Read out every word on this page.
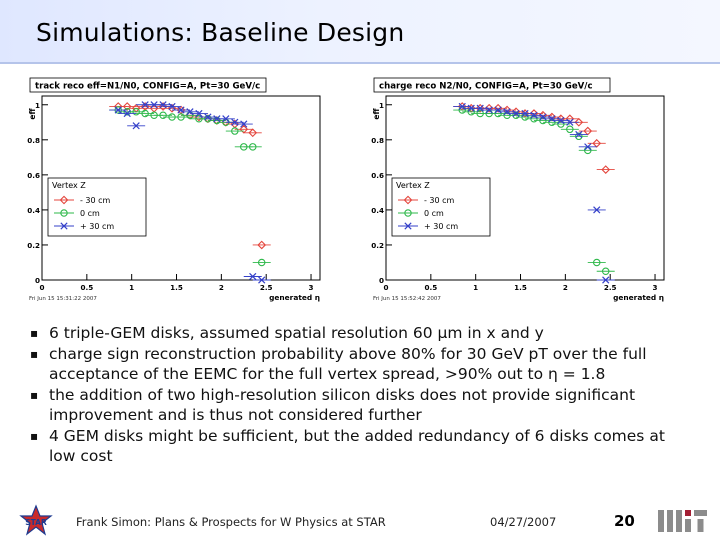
Simulations: Baseline Design
track reco eff=N1/N0, CONFIG=A, Pt=30 GeV/c
eff
0
0.2
0.4
0.6
0.8
1
0	0.5	1	1.5	2	2.5	3
generated η
Fri Jun 15 15:31:22 2007
Vertex Z
- 30 cm
0 cm
+ 30 cm
charge reco N2/N0, CONFIG=A, Pt=30 GeV/c
eff
0
0.2
0.4
0.6
0.8
1
0	0.5	1	1.5	2	2.5	3
generated η
Fri Jun 15 15:52:42 2007
Vertex Z
- 30 cm
0 cm
+ 30 cm
▪ 6 triple-GEM disks, assumed spatial resolution 60 µm in x and y
▪ charge sign reconstruction probability above 80% for 30 GeV pT over the full acceptance of the EEMC for the full vertex spread, >90% out to η = 1.8
▪ the addition of two high-resolution silicon disks does not provide significant improvement and is thus not considered further
▪ 4 GEM disks might be sufficient, but the added redundancy of 6 disks comes at low cost
STAR	Frank Simon: Plans & Prospects for W Physics at STAR	04/27/2007	20
